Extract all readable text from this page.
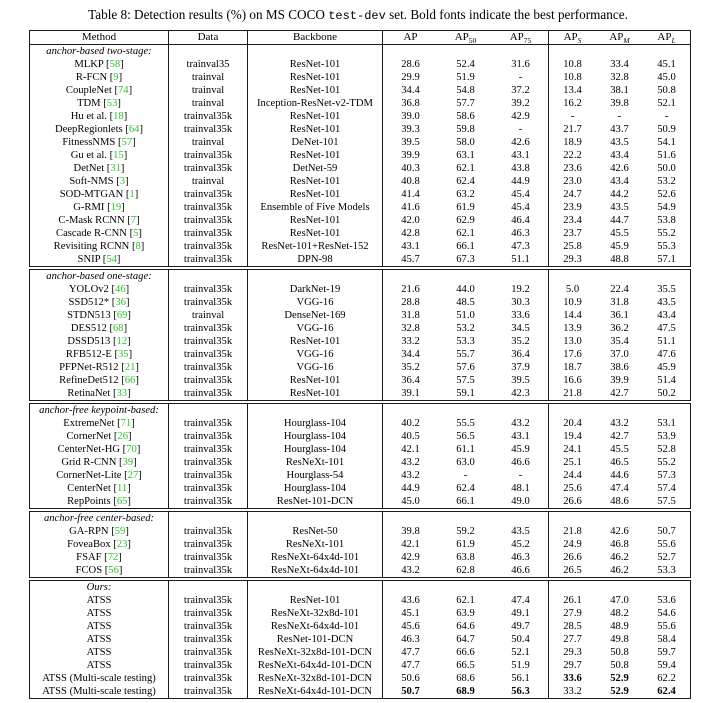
Table 8: Detection results (%) on MS COCO test-dev set. Bold fonts indicate the best performance.
Method	Data	Backbone	AP	$AP_{50}$	$AP_{75}$	$AP_S$	$AP_M$	$AP_L$
anchor-based two-stage:
MLKP [58]	trainval35	ResNet-101	28.6	52.4	31.6	10.8	33.4	45.1
R-FCN [9]	trainval	ResNet-101	29.9	51.9	-	10.8	32.8	45.0
CoupleNet [74]	trainval	ResNet-101	34.4	54.8	37.2	13.4	38.1	50.8
TDM [53]	trainval	Inception-ResNet-v2-TDM	36.8	57.7	39.2	16.2	39.8	52.1
Hu et al. [18]	trainval35k	ResNet-101	39.0	58.6	42.9	-	-	-
DeepRegionlets [64]	trainval35k	ResNet-101	39.3	59.8	-	21.7	43.7	50.9
FitnessNMS [57]	trainval	DeNet-101	39.5	58.0	42.6	18.9	43.5	54.1
Gu et al. [15]	trainval35k	ResNet-101	39.9	63.1	43.1	22.2	43.4	51.6
DetNet [31]	trainval35k	DetNet-59	40.3	62.1	43.8	23.6	42.6	50.0
Soft-NMS [3]	trainval	ResNet-101	40.8	62.4	44.9	23.0	43.4	53.2
SOD-MTGAN [1]	trainval35k	ResNet-101	41.4	63.2	45.4	24.7	44.2	52.6
G-RMI [19]	trainval35k	Ensemble of Five Models	41.6	61.9	45.4	23.9	43.5	54.9
C-Mask RCNN [7]	trainval35k	ResNet-101	42.0	62.9	46.4	23.4	44.7	53.8
Cascade R-CNN [5]	trainval35k	ResNet-101	42.8	62.1	46.3	23.7	45.5	55.2
Revisiting RCNN [8]	trainval35k	ResNet-101+ResNet-152	43.1	66.1	47.3	25.8	45.9	55.3
SNIP [54]	trainval35k	DPN-98	45.7	67.3	51.1	29.3	48.8	57.1
anchor-based one-stage:
YOLOv2 [46]	trainval35k	DarkNet-19	21.6	44.0	19.2	5.0	22.4	35.5
SSD512* [36]	trainval35k	VGG-16	28.8	48.5	30.3	10.9	31.8	43.5
STDN513 [69]	trainval	DenseNet-169	31.8	51.0	33.6	14.4	36.1	43.4
DES512 [68]	trainval35k	VGG-16	32.8	53.2	34.5	13.9	36.2	47.5
DSSD513 [12]	trainval35k	ResNet-101	33.2	53.3	35.2	13.0	35.4	51.1
RFB512-E [35]	trainval35k	VGG-16	34.4	55.7	36.4	17.6	37.0	47.6
PFPNet-R512 [21]	trainval35k	VGG-16	35.2	57.6	37.9	18.7	38.6	45.9
RefineDet512 [66]	trainval35k	ResNet-101	36.4	57.5	39.5	16.6	39.9	51.4
RetinaNet [33]	trainval35k	ResNet-101	39.1	59.1	42.3	21.8	42.7	50.2
anchor-free keypoint-based:
ExtremeNet [71]	trainval35k	Hourglass-104	40.2	55.5	43.2	20.4	43.2	53.1
CornerNet [26]	trainval35k	Hourglass-104	40.5	56.5	43.1	19.4	42.7	53.9
CenterNet-HG [70]	trainval35k	Hourglass-104	42.1	61.1	45.9	24.1	45.5	52.8
Grid R-CNN [39]	trainval35k	ResNeXt-101	43.2	63.0	46.6	25.1	46.5	55.2
CornerNet-Lite [27]	trainval35k	Hourglass-54	43.2	-	-	24.4	44.6	57.3
CenterNet [11]	trainval35k	Hourglass-104	44.9	62.4	48.1	25.6	47.4	57.4
RepPoints [65]	trainval35k	ResNet-101-DCN	45.0	66.1	49.0	26.6	48.6	57.5
anchor-free center-based:
GA-RPN [59]	trainval35k	ResNet-50	39.8	59.2	43.5	21.8	42.6	50.7
FoveaBox [23]	trainval35k	ResNeXt-101	42.1	61.9	45.2	24.9	46.8	55.6
FSAF [72]	trainval35k	ResNeXt-64x4d-101	42.9	63.8	46.3	26.6	46.2	52.7
FCOS [56]	trainval35k	ResNeXt-64x4d-101	43.2	62.8	46.6	26.5	46.2	53.3
Ours:
ATSS	trainval35k	ResNet-101	43.6	62.1	47.4	26.1	47.0	53.6
ATSS	trainval35k	ResNeXt-32x8d-101	45.1	63.9	49.1	27.9	48.2	54.6
ATSS	trainval35k	ResNeXt-64x4d-101	45.6	64.6	49.7	28.5	48.9	55.6
ATSS	trainval35k	ResNet-101-DCN	46.3	64.7	50.4	27.7	49.8	58.4
ATSS	trainval35k	ResNeXt-32x8d-101-DCN	47.7	66.6	52.1	29.3	50.8	59.7
ATSS	trainval35k	ResNeXt-64x4d-101-DCN	47.7	66.5	51.9	29.7	50.8	59.4
ATSS (Multi-scale testing)	trainval35k	ResNeXt-32x8d-101-DCN	50.6	68.6	56.1	33.6	52.9	62.2
ATSS (Multi-scale testing)	trainval35k	ResNeXt-64x4d-101-DCN	50.7	68.9	56.3	33.2	52.9	62.4
